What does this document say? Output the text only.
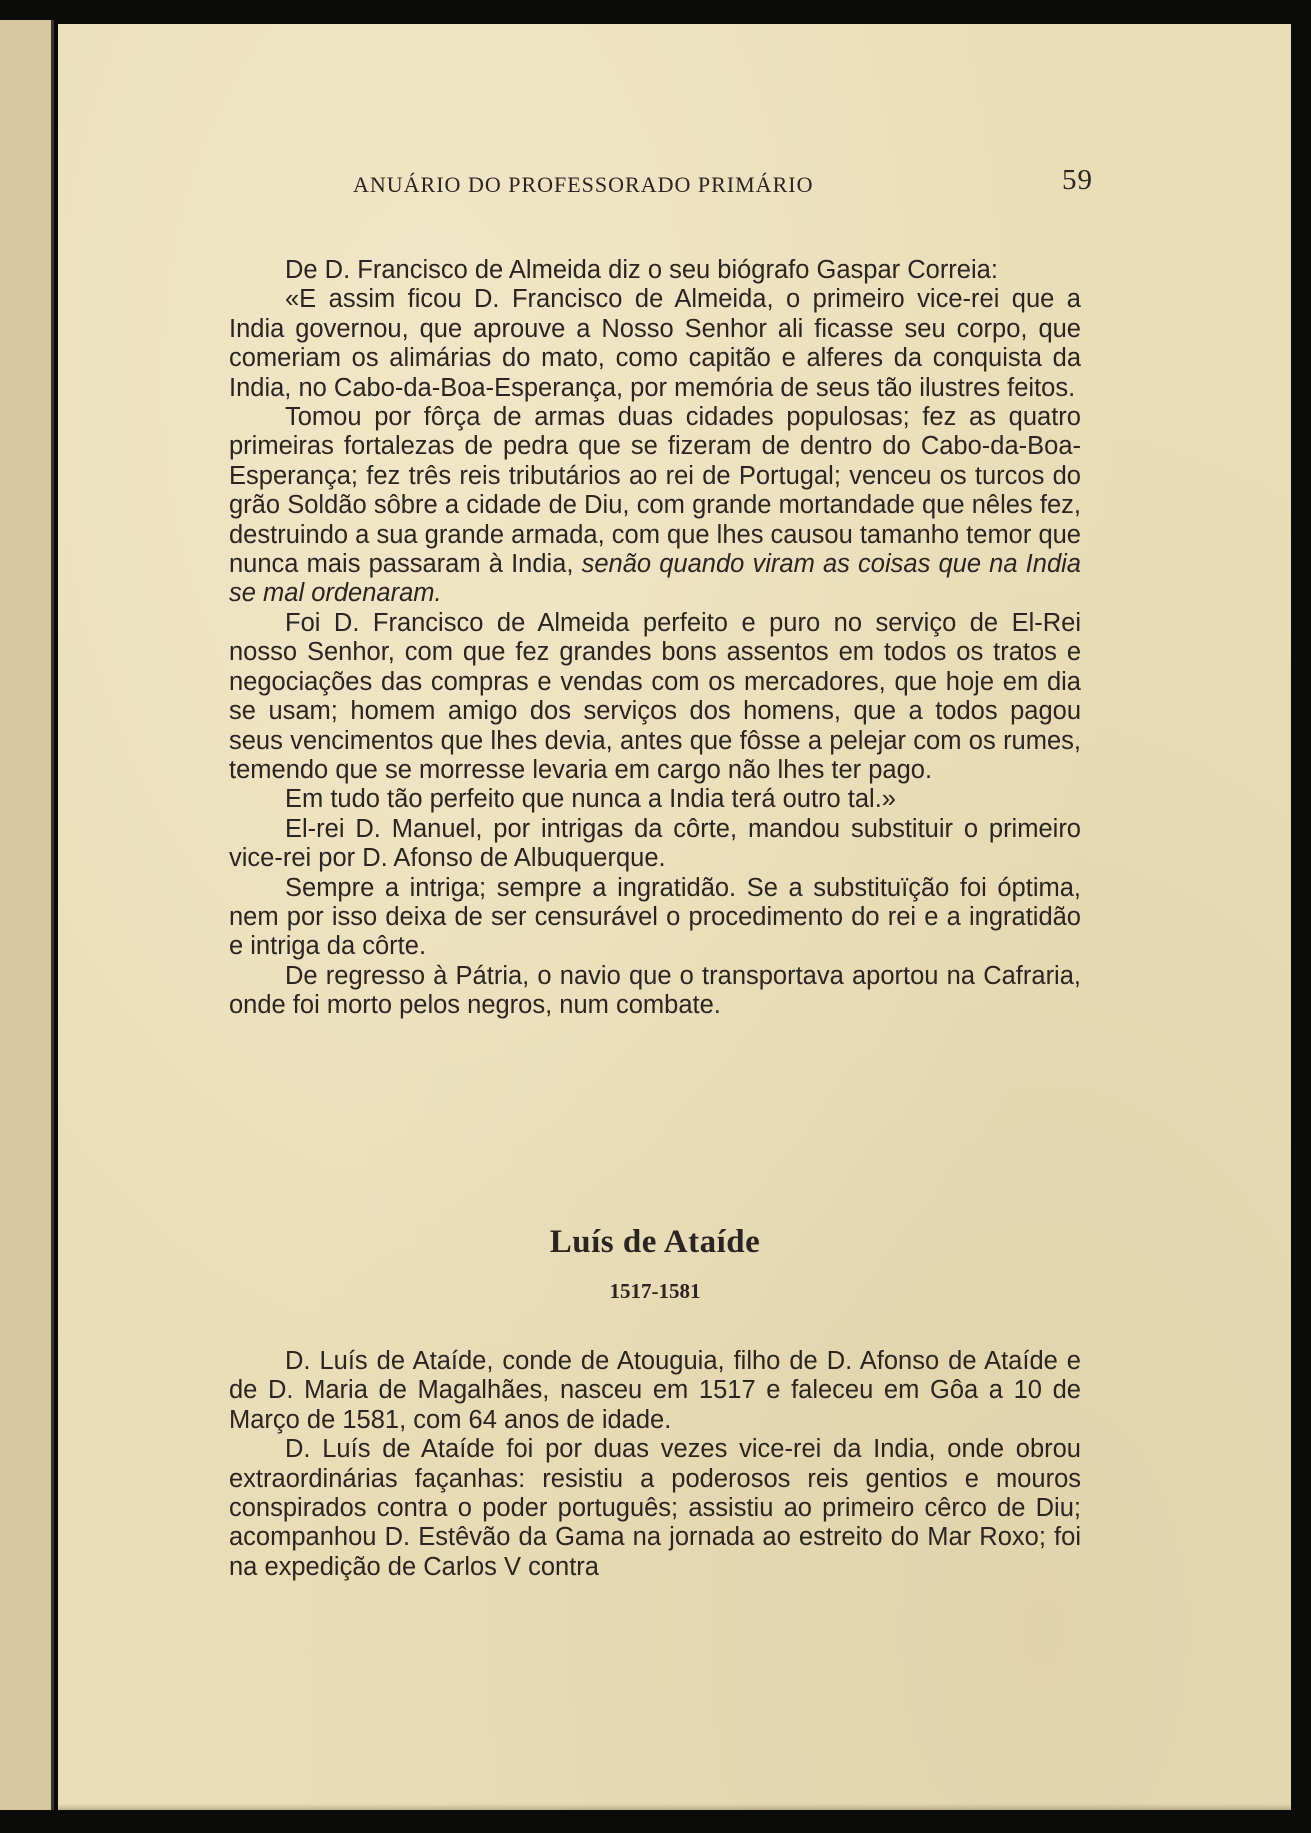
ANUÁRIO DO PROFESSORADO PRIMÁRIO	59

De D. Francisco de Almeida diz o seu biógrafo Gaspar Correia:

«E assim ficou D. Francisco de Almeida, o primeiro vice-rei que a India governou, que aprouve a Nosso Senhor ali ficasse seu corpo, que comeriam os alimárias do mato, como capitão e alferes da conquista da India, no Cabo-da-Boa-Esperança, por memória de seus tão ilustres feitos.

Tomou por fôrça de armas duas cidades populosas; fez as quatro primeiras fortalezas de pedra que se fizeram de dentro do Cabo-da-Boa-Esperança; fez três reis tributários ao rei de Portugal; venceu os turcos do grão Soldão sôbre a cidade de Diu, com grande mortandade que nêles fez, destruindo a sua grande armada, com que lhes causou tamanho temor que nunca mais passaram à India, senão quando viram as coisas que na India se mal ordenaram.

Foi D. Francisco de Almeida perfeito e puro no serviço de El-Rei nosso Senhor, com que fez grandes bons assentos em todos os tratos e negociações das compras e vendas com os mercadores, que hoje em dia se usam; homem amigo dos serviços dos homens, que a todos pagou seus vencimentos que lhes devia, antes que fôsse a pelejar com os rumes, temendo que se morresse levaria em cargo não lhes ter pago.

Em tudo tão perfeito que nunca a India terá outro tal.»

El-rei D. Manuel, por intrigas da côrte, mandou substituir o primeiro vice-rei por D. Afonso de Albuquerque.

Sempre a intriga; sempre a ingratidão. Se a substituïção foi óptima, nem por isso deixa de ser censurável o procedimento do rei e a ingratidão e intriga da côrte.

De regresso à Pátria, o navio que o transportava aportou na Cafraria, onde foi morto pelos negros, num combate.

Luís de Ataíde
1517-1581

D. Luís de Ataíde, conde de Atouguia, filho de D. Afonso de Ataíde e de D. Maria de Magalhães, nasceu em 1517 e faleceu em Gôa a 10 de Março de 1581, com 64 anos de idade.

D. Luís de Ataíde foi por duas vezes vice-rei da India, onde obrou extraordinárias façanhas: resistiu a poderosos reis gentios e mouros conspirados contra o poder português; assistiu ao primeiro cêrco de Diu; acompanhou D. Estêvão da Gama na jornada ao estreito do Mar Roxo; foi na expedição de Carlos V contra
